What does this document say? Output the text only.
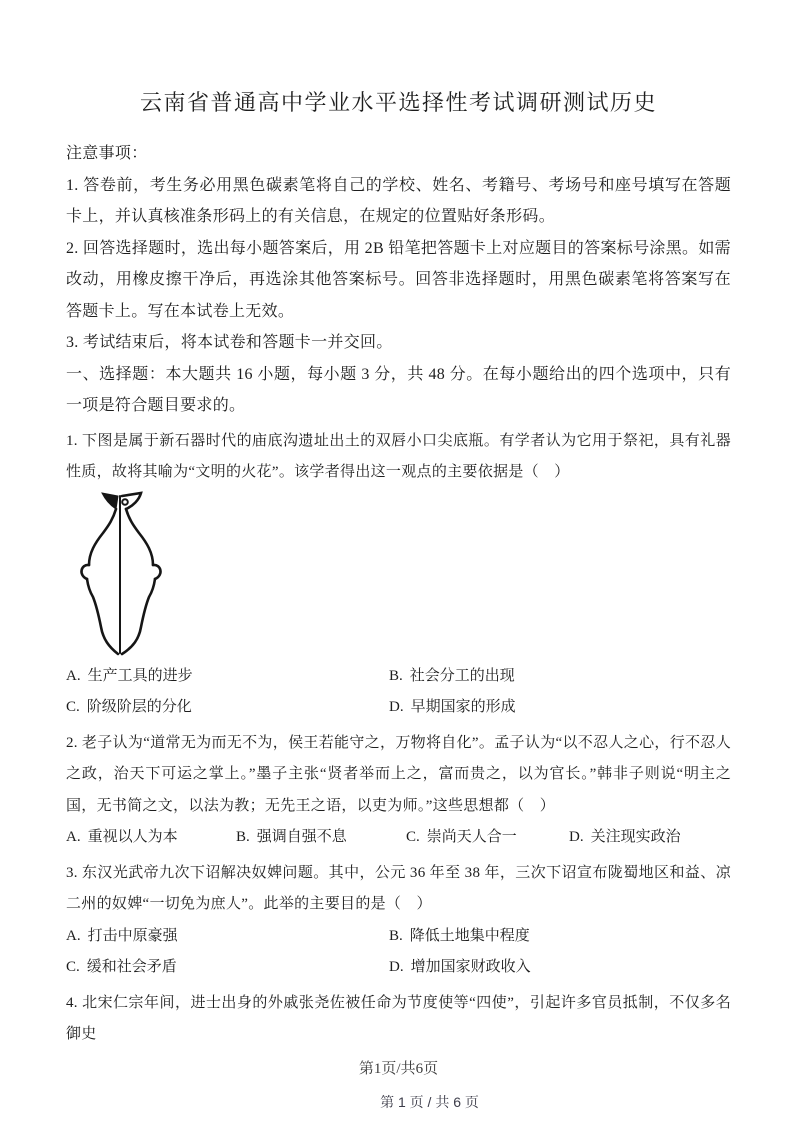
云南省普通高中学业水平选择性考试调研测试历史

注意事项：

1. 答卷前，考生务必用黑色碳素笔将自己的学校、姓名、考籍号、考场号和座号填写在答题卡上，并认真核准条形码上的有关信息，在规定的位置贴好条形码。

2. 回答选择题时，选出每小题答案后，用 2B 铅笔把答题卡上对应题目的答案标号涂黑。如需改动，用橡皮擦干净后，再选涂其他答案标号。回答非选择题时，用黑色碳素笔将答案写在答题卡上。写在本试卷上无效。

3. 考试结束后，将本试卷和答题卡一并交回。

一、选择题：本大题共 16 小题，每小题 3 分，共 48 分。在每小题给出的四个选项中，只有一项是符合题目要求的。

1. 下图是属于新石器时代的庙底沟遗址出土的双唇小口尖底瓶。有学者认为它用于祭祀，具有礼器性质，故将其喻为“文明的火花”。该学者得出这一观点的主要依据是（　）

A. 生产工具的进步	B. 社会分工的出现
C. 阶级阶层的分化	D. 早期国家的形成

2. 老子认为“道常无为而无不为，侯王若能守之，万物将自化”。孟子认为“以不忍人之心，行不忍人之政，治天下可运之掌上。”墨子主张“贤者举而上之，富而贵之，以为官长。”韩非子则说“明主之国，无书简之文，以法为教；无先王之语，以吏为师。”这些思想都（　）

A. 重视以人为本	B. 强调自强不息	C. 崇尚天人合一	D. 关注现实政治

3. 东汉光武帝九次下诏解决奴婢问题。其中，公元 36 年至 38 年，三次下诏宣布陇蜀地区和益、凉二州的奴婢“一切免为庶人”。此举的主要目的是（　）

A. 打击中原豪强	B. 降低土地集中程度
C. 缓和社会矛盾	D. 增加国家财政收入

4. 北宋仁宗年间，进士出身的外戚张尧佐被任命为节度使等“四使”，引起许多官员抵制，不仅多名御史

第1页/共6页
第 1 页 / 共 6 页
